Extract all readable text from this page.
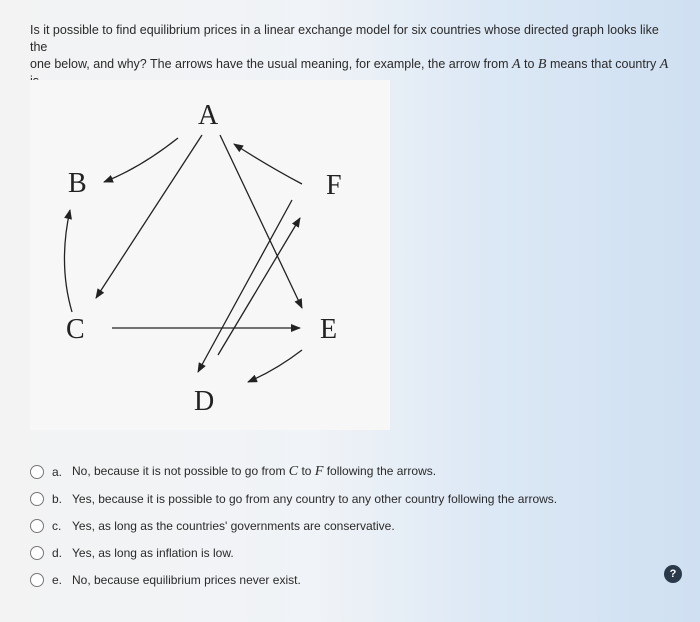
Is it possible to find equilibrium prices in a linear exchange model for six countries whose directed graph looks like the
one below, and why? The arrows have the usual meaning, for example, the arrow from A to B means that country A

A
B
C
D
E
F
a. No, because it is not possible to go from C to F following the arrows.
b. Yes, because it is possible to go from any country to any other country following the arrows.
c. Yes, as long as the countries' governments are conservative.
d. Yes, as long as inflation is low.
e. No, because equilibrium prices never exist.	?
